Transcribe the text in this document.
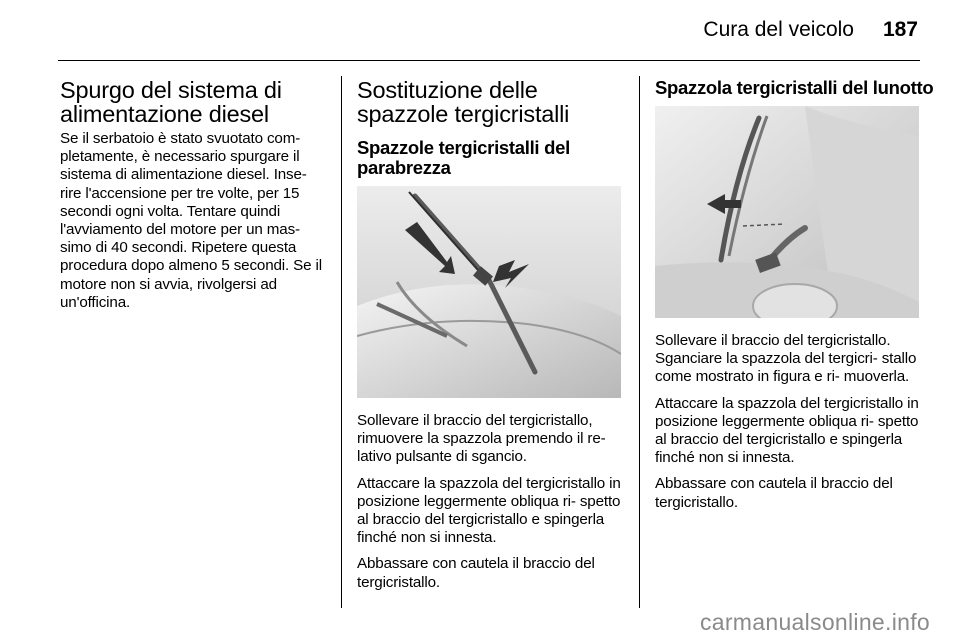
Cura del veicolo 187
Spurgo del sistema di alimentazione diesel

Se il serbatoio è stato svuotato com- pletamente, è necessario spurgare il sistema di alimentazione diesel. Inse- rire l'accensione per tre volte, per 15 secondi ogni volta. Tentare quindi l'avviamento del motore per un mas- simo di 40 secondi. Ripetere questa procedura dopo almeno 5 secondi. Se il motore non si avvia, rivolgersi ad un'officina.

Sostituzione delle spazzole tergicristalli
Spazzole tergicristalli del parabrezza

Sollevare il braccio del tergicristallo, rimuovere la spazzola premendo il re- lativo pulsante di sgancio.

Attaccare la spazzola del tergicristallo in posizione leggermente obliqua ri- spetto al braccio del tergicristallo e spingerla finché non si innesta.

Abbassare con cautela il braccio del tergicristallo.

Spazzola tergicristalli del lunotto

Sollevare il braccio del tergicristallo. Sganciare la spazzola del tergicri- stallo come mostrato in figura e ri- muoverla.

Attaccare la spazzola del tergicristallo in posizione leggermente obliqua ri- spetto al braccio del tergicristallo e spingerla finché non si innesta.

Abbassare con cautela il braccio del tergicristallo.

carmanualsonline.info
